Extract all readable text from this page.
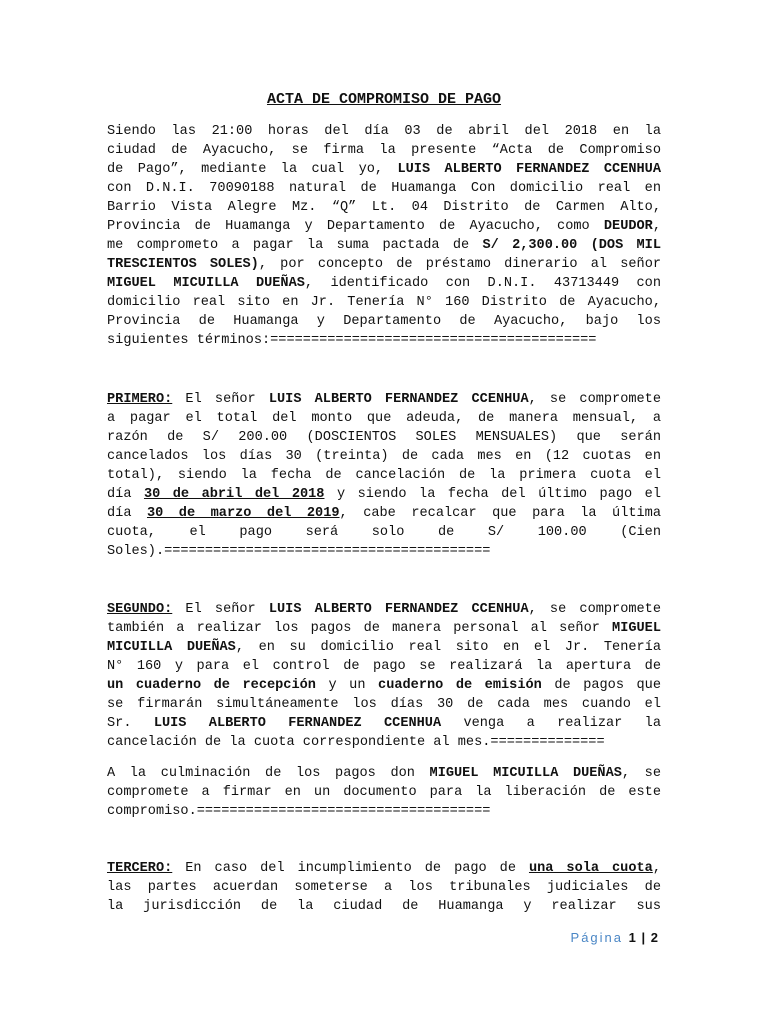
ACTA DE COMPROMISO DE PAGO
Siendo las 21:00 horas del día 03 de abril del 2018 en la
ciudad de Ayacucho, se firma la presente “Acta de Compromiso
de Pago”, mediante la cual yo, LUIS ALBERTO FERNANDEZ CCENHUA
con D.N.I. 70090188 natural de Huamanga Con domicilio real en
Barrio Vista Alegre Mz. “Q” Lt. 04 Distrito de Carmen Alto,
Provincia de Huamanga y Departamento de Ayacucho, como DEUDOR,
me comprometo a pagar la suma pactada de S/ 2,300.00 (DOS MIL
TRESCIENTOS SOLES), por concepto de préstamo dinerario al señor
MIGUEL MICUILLA DUEÑAS, identificado con D.N.I. 43713449 con
domicilio real sito en Jr. Tenería N° 160 Distrito de Ayacucho,
Provincia de Huamanga y Departamento de Ayacucho, bajo los
siguientes términos:========================================
PRIMERO: El señor LUIS ALBERTO FERNANDEZ CCENHUA, se compromete
a pagar el total del monto que adeuda, de manera mensual, a
razón de S/ 200.00 (DOSCIENTOS SOLES MENSUALES) que serán
cancelados los días 30 (treinta) de cada mes en (12 cuotas en
total), siendo la fecha de cancelación de la primera cuota el
día 30 de abril del 2018 y siendo la fecha del último pago el
día 30 de marzo del 2019, cabe recalcar que para la última
cuota, el pago será solo de S/ 100.00 (Cien
Soles).========================================
SEGUNDO: El señor LUIS ALBERTO FERNANDEZ CCENHUA, se compromete
también a realizar los pagos de manera personal al señor MIGUEL
MICUILLA DUEÑAS, en su domicilio real sito en el Jr. Tenería
N° 160 y para el control de pago se realizará la apertura de
un cuaderno de recepción y un cuaderno de emisión de pagos que
se firmarán simultáneamente los días 30 de cada mes cuando el
Sr. LUIS ALBERTO FERNANDEZ CCENHUA venga a realizar la
cancelación de la cuota correspondiente al mes.==============
A la culminación de los pagos don MIGUEL MICUILLA DUEÑAS, se
compromete a firmar en un documento para la liberación de este
compromiso.====================================
TERCERO: En caso del incumplimiento de pago de una sola cuota,
las partes acuerdan someterse a los tribunales judiciales de
la jurisdicción de la ciudad de Huamanga y realizar sus
Página 1 | 2
